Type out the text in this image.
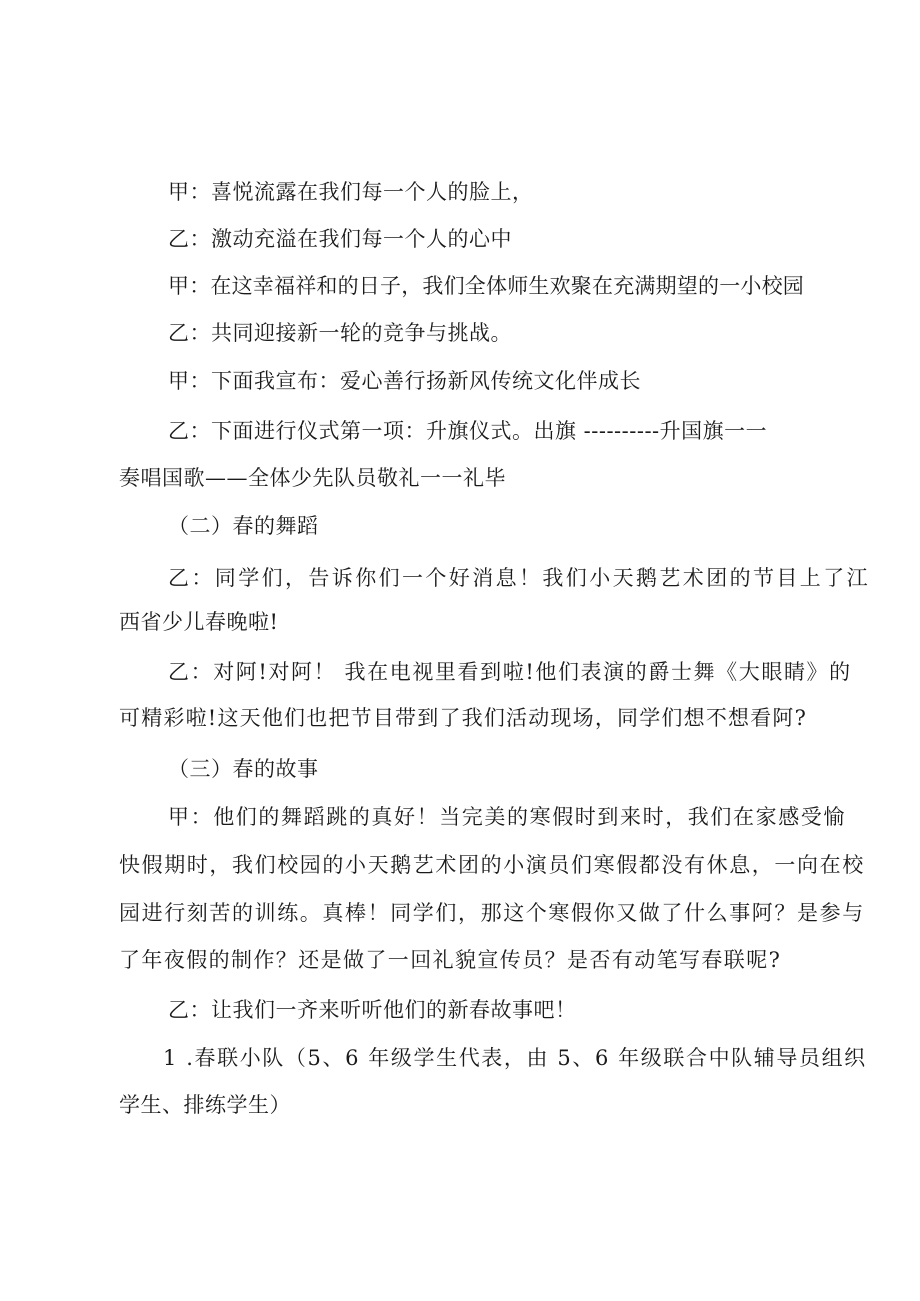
甲：喜悦流露在我们每一个人的脸上，
乙：激动充溢在我们每一个人的心中
甲：在这幸福祥和的日子，我们全体师生欢聚在充满期望的一小校园
乙：共同迎接新一轮的竞争与挑战。
甲：下面我宣布：爱心善行扬新风传统文化伴成长
乙：下面进行仪式第一项：升旗仪式。出旗 ----------升国旗一一
奏唱国歌——全体少先队员敬礼一一礼毕
（二）春的舞蹈
乙：同学们，告诉你们一个好消息！我们小天鹅艺术团的节目上了江
西省少儿春晚啦!
乙：对阿!对阿！ 我在电视里看到啦!他们表演的爵士舞《大眼睛》的
可精彩啦!这天他们也把节目带到了我们活动现场，同学们想不想看阿?
（三）春的故事
甲：他们的舞蹈跳的真好！当完美的寒假时到来时，我们在家感受愉
快假期时，我们校园的小天鹅艺术团的小演员们寒假都没有休息，一向在校
园进行刻苦的训练。真棒！同学们，那这个寒假你又做了什么事阿？是参与
了年夜假的制作？还是做了一回礼貌宣传员？是否有动笔写春联呢?
乙：让我们一齐来听听他们的新春故事吧！
1 .春联小队（5、6 年级学生代表，由 5、6 年级联合中队辅导员组织
学生、排练学生）
